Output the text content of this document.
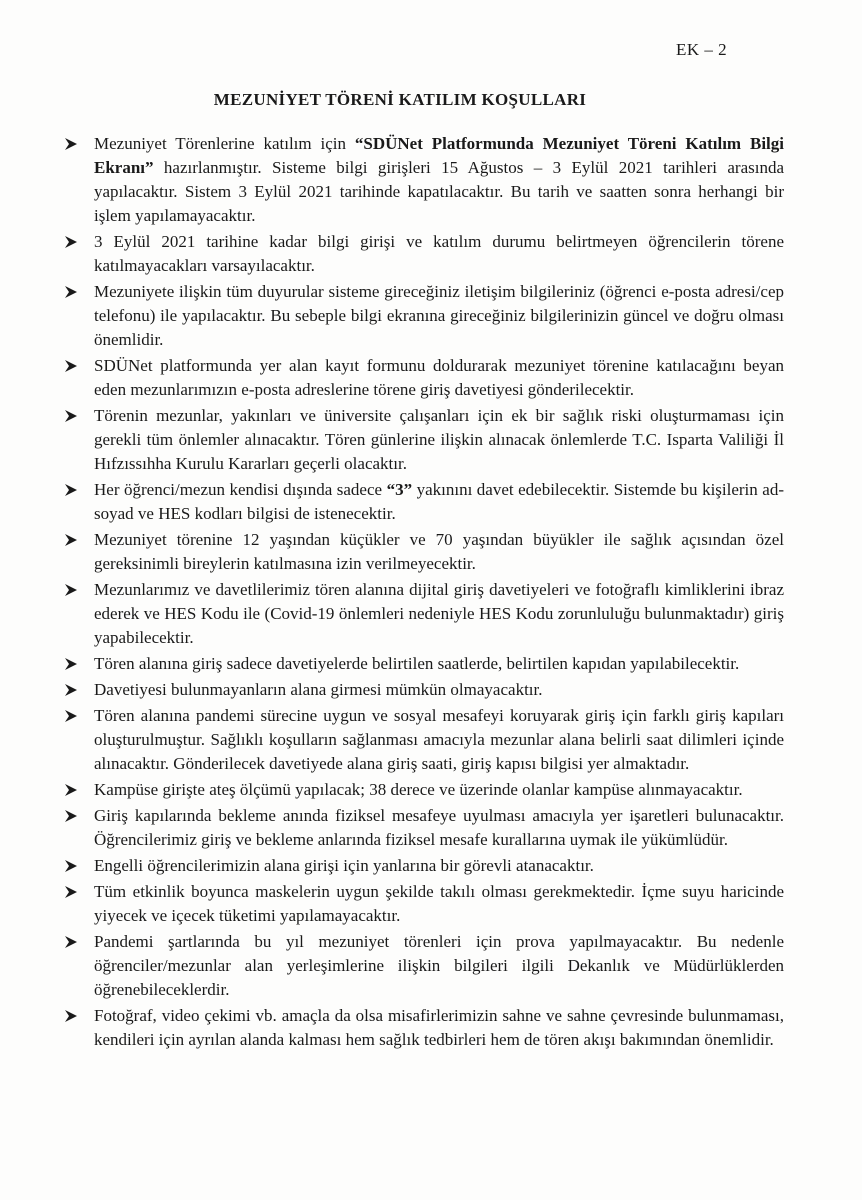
EK – 2
MEZUNİYET TÖRENİ KATILIM KOŞULLARI
Mezuniyet Törenlerine katılım için “SDÜNet Platformunda Mezuniyet Töreni Katılım Bilgi Ekranı” hazırlanmıştır. Sisteme bilgi girişleri 15 Ağustos – 3 Eylül 2021 tarihleri arasında yapılacaktır. Sistem 3 Eylül 2021 tarihinde kapatılacaktır. Bu tarih ve saatten sonra herhangi bir işlem yapılamayacaktır.
3 Eylül 2021 tarihine kadar bilgi girişi ve katılım durumu belirtmeyen öğrencilerin törene katılmayacakları varsayılacaktır.
Mezuniyete ilişkin tüm duyurular sisteme gireceğiniz iletişim bilgileriniz (öğrenci e-posta adresi/cep telefonu) ile yapılacaktır. Bu sebeple bilgi ekranına gireceğiniz bilgilerinizin güncel ve doğru olması önemlidir.
SDÜNet platformunda yer alan kayıt formunu doldurarak mezuniyet törenine katılacağını beyan eden mezunlarımızın e-posta adreslerine törene giriş davetiyesi gönderilecektir.
Törenin mezunlar, yakınları ve üniversite çalışanları için ek bir sağlık riski oluşturmaması için gerekli tüm önlemler alınacaktır. Tören günlerine ilişkin alınacak önlemlerde T.C. Isparta Valiliği İl Hıfzıssıhha Kurulu Kararları geçerli olacaktır.
Her öğrenci/mezun kendisi dışında sadece “3” yakınını davet edebilecektir. Sistemde bu kişilerin ad-soyad ve HES kodları bilgisi de istenecektir.
Mezuniyet törenine 12 yaşından küçükler ve 70 yaşından büyükler ile sağlık açısından özel gereksinimli bireylerin katılmasına izin verilmeyecektir.
Mezunlarımız ve davetlilerimiz tören alanına dijital giriş davetiyeleri ve fotoğraflı kimliklerini ibraz ederek ve HES Kodu ile (Covid-19 önlemleri nedeniyle HES Kodu zorunluluğu bulunmaktadır) giriş yapabilecektir.
Tören alanına giriş sadece davetiyelerde belirtilen saatlerde, belirtilen kapıdan yapılabilecektir.
Davetiyesi bulunmayanların alana girmesi mümkün olmayacaktır.
Tören alanına pandemi sürecine uygun ve sosyal mesafeyi koruyarak giriş için farklı giriş kapıları oluşturulmuştur. Sağlıklı koşulların sağlanması amacıyla mezunlar alana belirli saat dilimleri içinde alınacaktır. Gönderilecek davetiyede alana giriş saati, giriş kapısı bilgisi yer almaktadır.
Kampüse girişte ateş ölçümü yapılacak; 38 derece ve üzerinde olanlar kampüse alınmayacaktır.
Giriş kapılarında bekleme anında fiziksel mesafeye uyulması amacıyla yer işaretleri bulunacaktır. Öğrencilerimiz giriş ve bekleme anlarında fiziksel mesafe kurallarına uymak ile yükümlüdür.
Engelli öğrencilerimizin alana girişi için yanlarına bir görevli atanacaktır.
Tüm etkinlik boyunca maskelerin uygun şekilde takılı olması gerekmektedir. İçme suyu haricinde yiyecek ve içecek tüketimi yapılamayacaktır.
Pandemi şartlarında bu yıl mezuniyet törenleri için prova yapılmayacaktır. Bu nedenle öğrenciler/mezunlar alan yerleşimlerine ilişkin bilgileri ilgili Dekanlık ve Müdürlüklerden öğrenebileceklerdir.
Fotoğraf, video çekimi vb. amaçla da olsa misafirlerimizin sahne ve sahne çevresinde bulunmaması, kendileri için ayrılan alanda kalması hem sağlık tedbirleri hem de tören akışı bakımından önemlidir.
